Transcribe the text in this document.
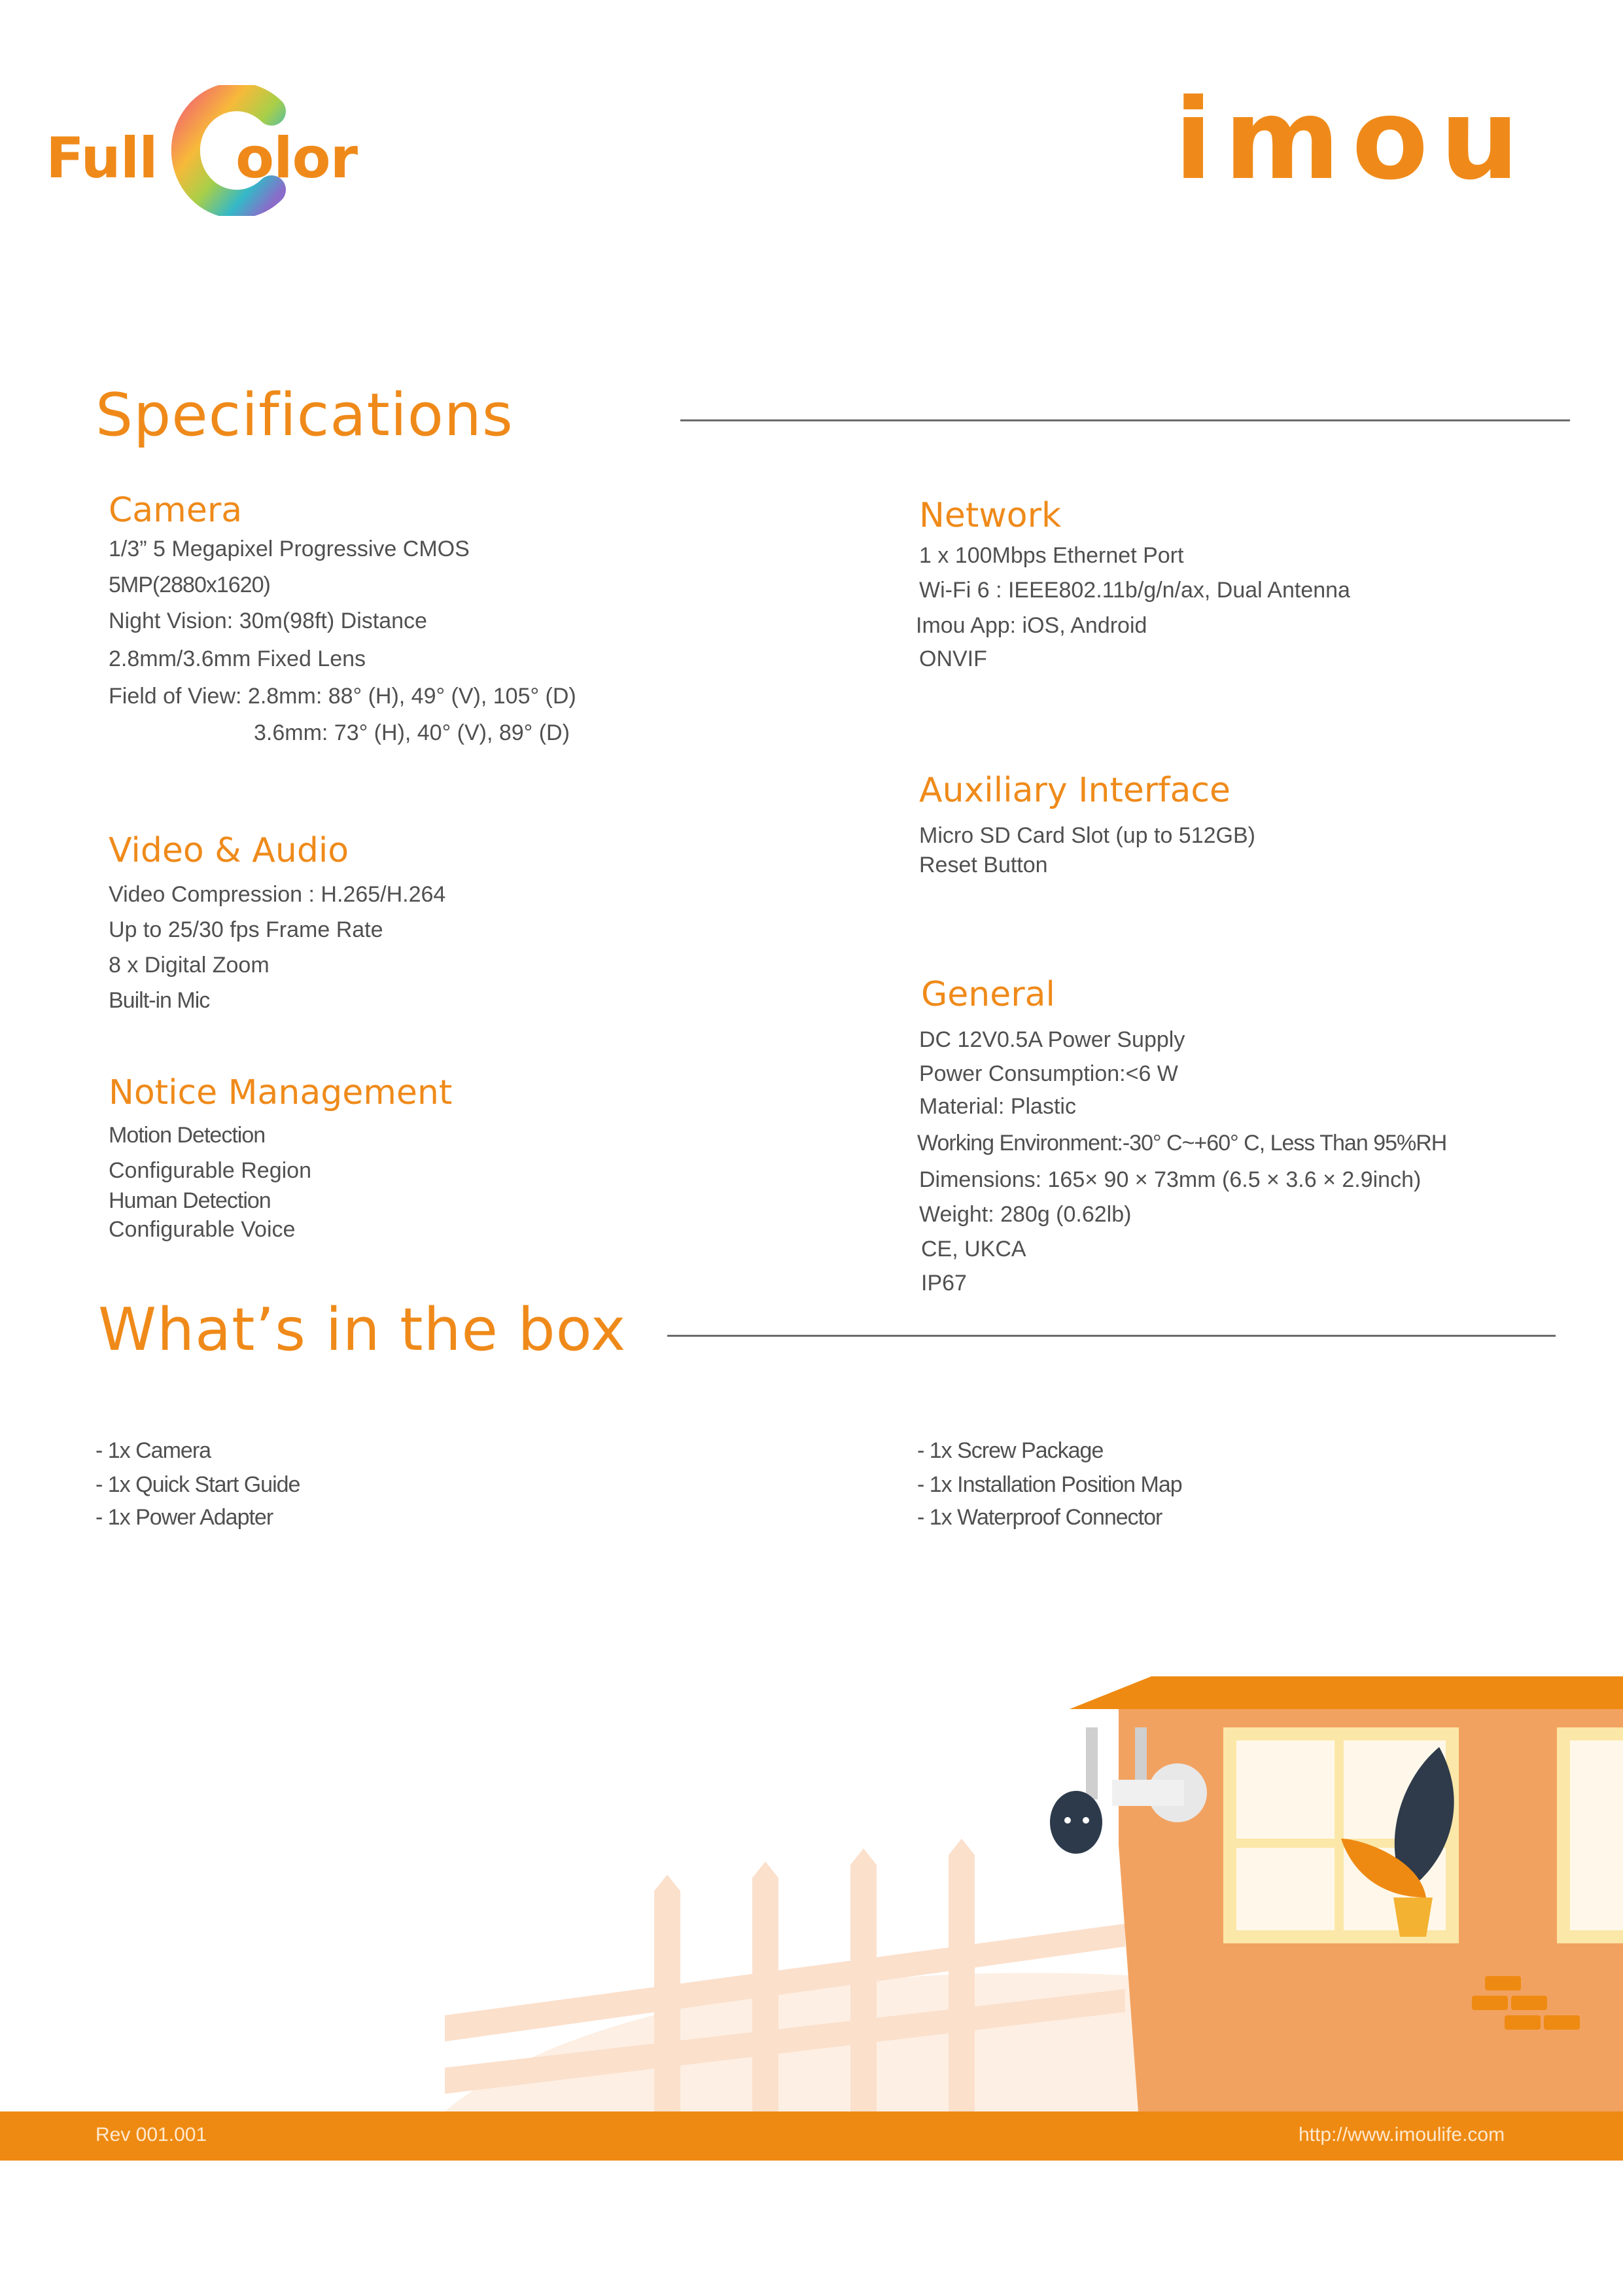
Full olor	imou
Specifications
Camera
1/3” 5 Megapixel Progressive CMOS
5MP(2880x1620)
Night Vision: 30m(98ft) Distance
2.8mm/3.6mm Fixed Lens
Field of View: 2.8mm: 88° (H), 49° (V), 105° (D)
3.6mm: 73° (H), 40° (V), 89° (D)
Video & Audio
Video Compression : H.265/H.264
Up to 25/30 fps Frame Rate
8 x Digital Zoom
Built-in Mic
Notice Management
Motion Detection
Configurable Region
Human Detection
Configurable Voice
Network
1 x 100Mbps Ethernet Port
Wi-Fi 6 : IEEE802.11b/g/n/ax, Dual Antenna
Imou App: iOS, Android
ONVIF
Auxiliary Interface
Micro SD Card Slot (up to 512GB)
Reset Button
General
DC 12V0.5A Power Supply
Power Consumption:<6 W
Material: Plastic
Working Environment:-30° C~+60° C, Less Than 95%RH
Dimensions: 165× 90 × 73mm (6.5 × 3.6 × 2.9inch)
Weight: 280g (0.62lb)
CE, UKCA
IP67
What’s in the box
- 1x Camera
- 1x Quick Start Guide
- 1x Power Adapter
- 1x Screw Package
- 1x Installation Position Map
- 1x Waterproof Connector
Rev 001.001	http://www.imoulife.com
